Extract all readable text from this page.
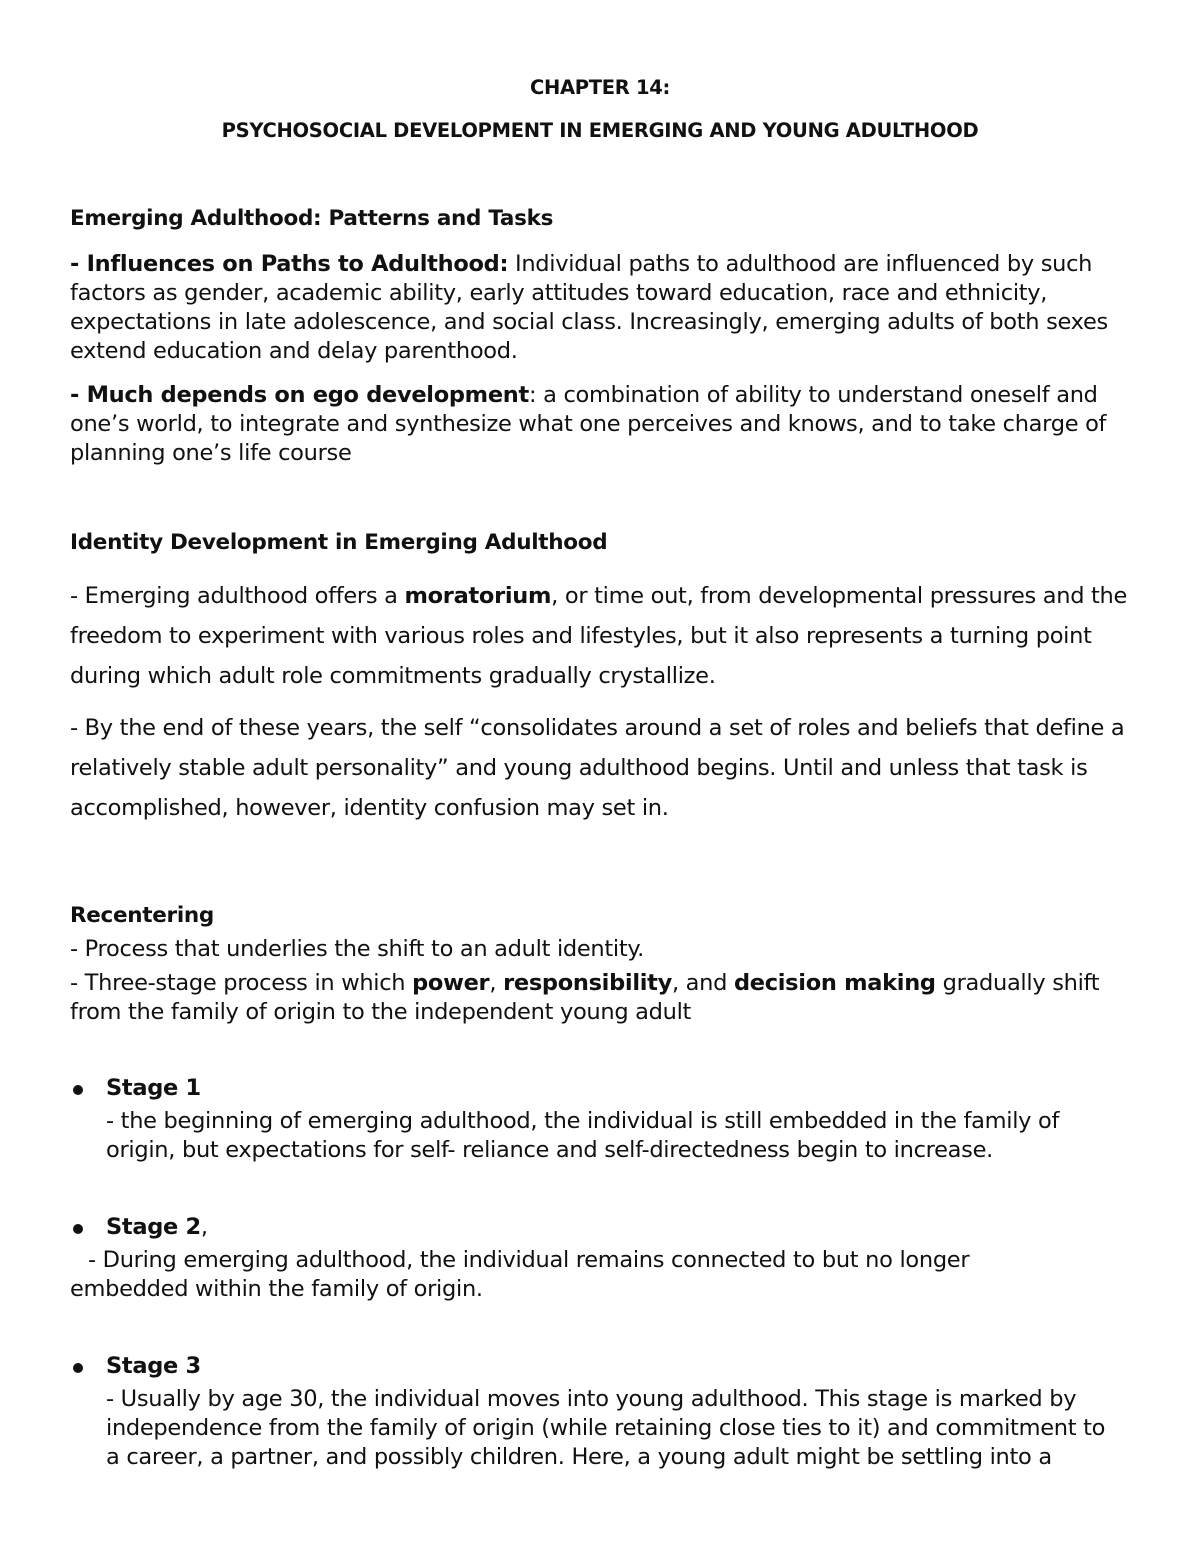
CHAPTER 14:
PSYCHOSOCIAL DEVELOPMENT IN EMERGING AND YOUNG ADULTHOOD
Emerging Adulthood: Patterns and Tasks
- Influences on Paths to Adulthood: Individual paths to adulthood are influenced by such factors as gender, academic ability, early attitudes toward education, race and ethnicity, expectations in late adolescence, and social class. Increasingly, emerging adults of both sexes extend education and delay parenthood.
- Much depends on ego development: a combination of ability to understand oneself and one’s world, to integrate and synthesize what one perceives and knows, and to take charge of planning one’s life course
Identity Development in Emerging Adulthood
- Emerging adulthood offers a moratorium, or time out, from developmental pressures and the freedom to experiment with various roles and lifestyles, but it also represents a turning point during which adult role commitments gradually crystallize.
- By the end of these years, the self “consolidates around a set of roles and beliefs that define a relatively stable adult personality” and young adulthood begins. Until and unless that task is accomplished, however, identity confusion may set in.
Recentering
- Process that underlies the shift to an adult identity.
- Three-stage process in which power, responsibility, and decision making gradually shift from the family of origin to the independent young adult
Stage 1
- the beginning of emerging adulthood, the individual is still embedded in the family of origin, but expectations for self- reliance and self-directedness begin to increase.
Stage 2,
- During emerging adulthood, the individual remains connected to but no longer embedded within the family of origin.
Stage 3
- Usually by age 30, the individual moves into young adulthood. This stage is marked by independence from the family of origin (while retaining close ties to it) and commitment to a career, a partner, and possibly children. Here, a young adult might be settling into a
